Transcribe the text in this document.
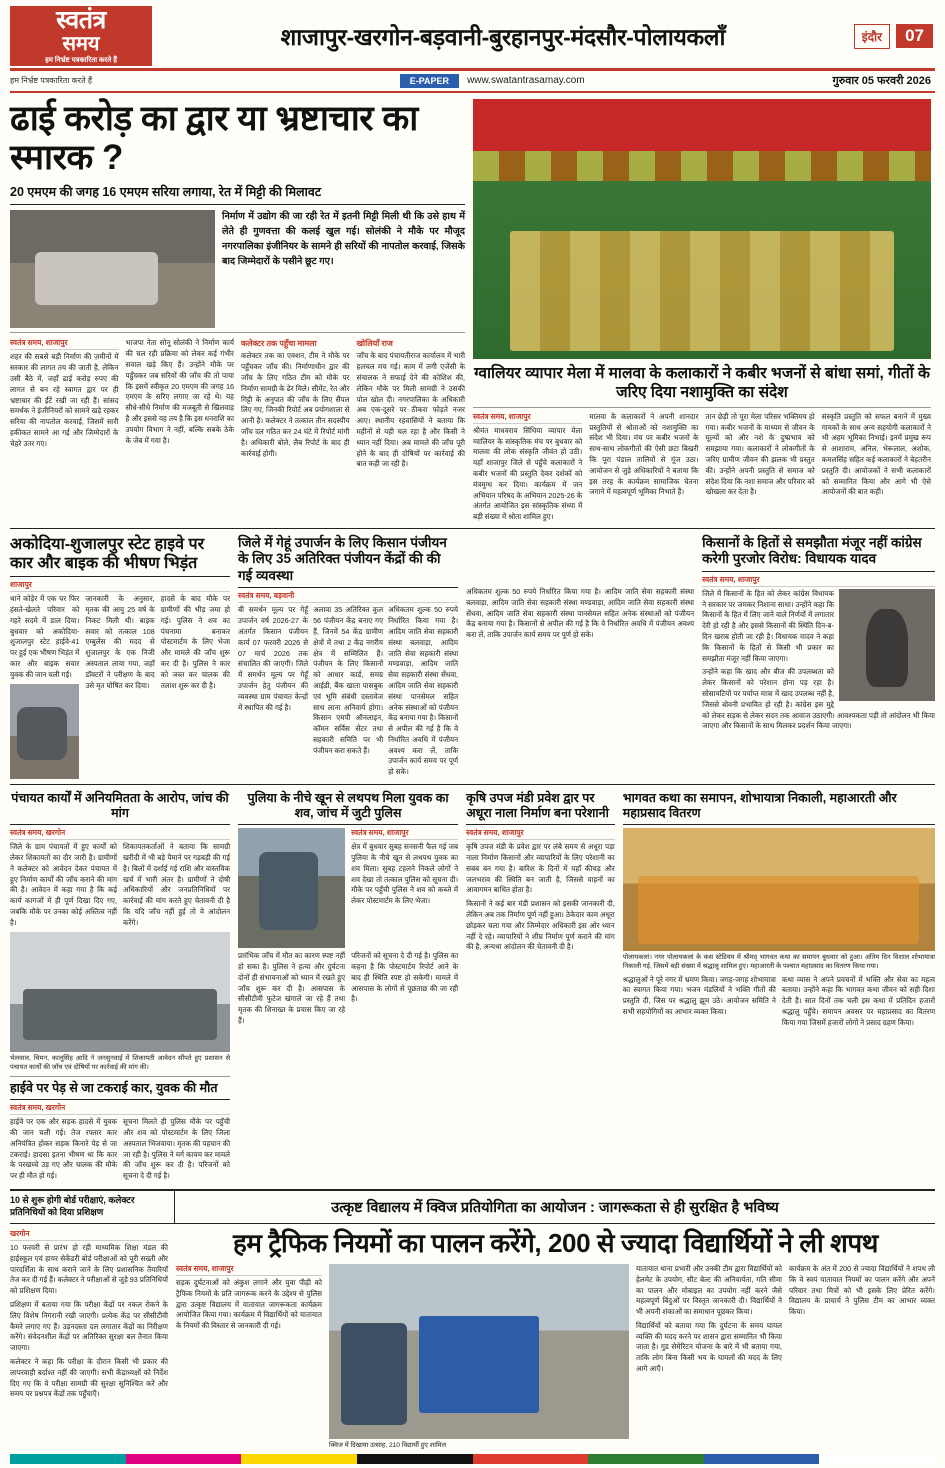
स्वतंत्र
समय
हम निर्भ्रष्ट पत्रकारिता करते हैं
शाजापुर-खरगोन-बड़वानी-बुरहानपुर-मंदसौर-पोलायकलाँ	इंदौर	07
हम निर्भ्रष्ट पत्रकारिता करते हैं	E-PAPER	www.swatantrasamay.com	गुरुवार 05 फरवरी 2026
ढाई करोड़ का द्वार या भ्रष्टाचार का स्मारक ?
20 एमएम की जगह 16 एमएम सरिया लगाया, रेत में मिट्टी की मिलावट
निर्माण में उद्योग की जा रही रेत में इतनी मिट्टी मिली थी कि उसे हाथ में लेते ही गुणवत्ता की कलई खुल गई। सोलंकी ने मौके पर मौजूद नगरपालिका इंजीनियर के सामने ही सरियों की नापतोल करवाई, जिसके बाद जिम्मेदारों के पसीने छूट गए।
स्वतंत्र समय, शाजापुर
शहर की सबसे बड़ी निर्माण की ज़मीनों में सरकार की लागत तय की जाती है, लेकिन उसी बैठे में, जहाँ ढाई करोड़ रुपए की लागत से बन रहे स्वागत द्वार पर ही भ्रष्टाचार की ईंटें रखी जा रही हैं। सांसद समर्थक ने इंजीनियरों को सामने खड़े रहकर सरिया की नापतोल करवाई, जिसमें सारी हकीकत सामने आ गई और जिम्मेदारों के चेहरे उतर गए।
भाजपा नेता सोनू सोलंकी ने निर्माण कार्य की चल रही प्रक्रिया को लेकर कई गंभीर सवाल खड़े किए हैं। उन्होंने मौके पर पहुँचकर जब सरियों की जाँच की तो पाया कि इसमें स्वीकृत 20 एमएम की जगह 16 एमएम के सरिए लगाए जा रहे थे। यह सीधे-सीधे निर्माण की मजबूती से खिलवाड़ है और इससे यह तय है कि इस धनराशि का उपयोग विभाग ने नहीं, बल्कि सबके ठेके के जेब में गया है।
कलेक्टर तक पहुँचा मामला
कलेक्टर तक का एक्शन, टीम ने मौके पर पहुँचकर जाँच की। निर्माणाधीन द्वार की जाँच के लिए गठित टीम को मौके पर निर्माण सामग्री के ढेर मिले। सीमेंट, रेत और गिट्टी के अनुपात की जाँच के लिए सैंपल लिए गए, जिनकी रिपोर्ट अब प्रयोगशाला से आनी है। कलेक्टर ने तत्काल तीन सदस्यीय जाँच दल गठित कर 24 घंटे में रिपोर्ट मांगी है। अधिकारी बोले, लैब रिपोर्ट के बाद ही कार्रवाई होगी।
खोलियाँ राज
जाँच के बाद पंचायतीराज कार्यालय में भारी हलचल मच गई। काम में लगी एजेंसी के संचालक ने सफाई देने की कोशिश की, लेकिन मौके पर मिली सामग्री ने उसकी पोल खोल दी। नगरपालिका के अधिकारी अब एक-दूसरे पर ठीकरा फोड़ते नजर आए। स्थानीय रहवासियों ने बताया कि महीनों से यही चल रहा है और किसी ने ध्यान नहीं दिया। अब मामले की जाँच पूरी होने के बाद ही दोषियों पर कार्रवाई की बात कही जा रही है।
ग्वालियर व्यापार मेला में मालवा के कलाकारों ने कबीर भजनों से बांधा समां, गीतों के जरिए दिया नशामुक्ति का संदेश
स्वतंत्र समय, शाजापुर
श्रीमंत माधवराव सिंधिया व्यापार मेला ग्वालियर के सांस्कृतिक मंच पर बुधवार को मालवा की लोक संस्कृति जीवंत हो उठी। यहाँ शाजापुर जिले से पहुँचे कलाकारों ने कबीर भजनों की प्रस्तुति देकर दर्शकों को मंत्रमुग्ध कर दिया। कार्यक्रम में जन अभियान परिषद के अभियान 2025-26 के अंतर्गत आयोजित इस सांस्कृतिक संध्या में बड़ी संख्या में श्रोता शामिल हुए।
मालवा के कलाकारों ने अपनी शानदार प्रस्तुतियों से श्रोताओं को नशामुक्ति का संदेश भी दिया। मंच पर कबीर भजनों के साथ-साथ लोकगीतों की ऐसी छटा बिखरी कि पूरा पंडाल तालियों से गूंज उठा। आयोजन से जुड़े अधिकारियों ने बताया कि इस तरह के कार्यक्रम सामाजिक चेतना जगाने में महत्वपूर्ण भूमिका निभाते हैं।
तान छेड़ी तो पूरा मेला परिसर भक्तिमय हो गया। कबीर भजनों के माध्यम से जीवन के मूल्यों को और नशे के दुष्प्रभाव को समझाया गया। कलाकारों ने लोकगीतों के जरिए ग्रामीण जीवन की झलक भी प्रस्तुत की। उन्होंने अपनी प्रस्तुति से समाज को संदेश दिया कि नशा समाज और परिवार को खोखला कर देता है।
संस्कृति प्रस्तुति को सफल बनाने में मुख्य गायकों के साथ अन्य सहयोगी कलाकारों ने भी अहम भूमिका निभाई। इनमें प्रमुख रूप से आशाराम, अनिल, भेरूलाल, अशोक, कमलसिंह सहित कई कलाकारों ने बेहतरीन प्रस्तुति दी। आयोजकों ने सभी कलाकारों को सम्मानित किया और आगे भी ऐसे आयोजनों की बात कही।
अकोदिया-शुजालपुर स्टेट हाइवे पर कार और बाइक की भीषण भिड़ंत
शाजापुर
थाने कोड़ेर में एक घर फिर हंसते-खेलते परिवार को गहरे सदमे में डाल दिया। बुधवार को अकोदिया-शुजालपुर स्टेट हाईवे-41 पर हुई एक भीषण भिड़ंत में कार और बाइक सवार युवक की जान चली गई।
जानकारी के अनुसार, मृतक की आयु 25 वर्ष के निकट मिली थी। बाइक सवार को तत्काल 108 एम्बुलेंस की मदद से शुजालपुर के एक निजी अस्पताल लाया गया, जहाँ डॉक्टरों ने परीक्षण के बाद उसे मृत घोषित कर दिया।
हादसे के बाद मौके पर ग्रामीणों की भीड़ जमा हो गई। पुलिस ने शव का पंचनामा बनाकर पोस्टमार्टम के लिए भेजा और मामले की जाँच शुरू कर दी है। पुलिस ने कार को जब्त कर चालक की तलाश शुरू कर दी है।
जिले में गेहूं उपार्जन के लिए किसान पंजीयन के लिए 35 अतिरिक्त पंजीयन केंद्रों की की गई व्यवस्था
स्वतंत्र समय, बड़वानी
बी समर्थन मूल्य पर गेहूँ उपार्जन वर्ष 2026-27 के अंतर्गत किसान पंजीयन कार्य 07 फरवरी 2026 से 07 मार्च 2026 तक संचालित की जाएगी। जिले में समर्थन मूल्य पर गेहूँ उपार्जन हेतु पंजीयन की व्यवस्था ग्राम पंचायत केन्द्रों में स्थापित की गई है।
अलावा 35 अतिरिक्त कुल 56 पंजीयन केंद्र बनाए गए हैं, जिनमें 54 केंद्र ग्रामीण क्षेत्रों में तथा 2 केंद्र नगरीय क्षेत्र में सम्मिलित हैं। पंजीयन के लिए किसानों को आधार कार्ड, समग्र आईडी, बैंक खाता पासबुक एवं भूमि संबंधी दस्तावेज साथ लाना अनिवार्य होगा। किसान एमपी ऑनलाइन, कॉमन सर्विस सेंटर तथा सहकारी समिति पर भी पंजीयन करा सकते हैं।
अधिकतम शुल्क 50 रुपये निर्धारित किया गया है। आदिम जाति सेवा सहकारी संस्था बलवाड़ा, आदिम जाति सेवा सहकारी संस्था मण्डवाड़ा, आदिम जाति सेवा सहकारी संस्था सेंधवा, आदिम जाति सेवा सहकारी संस्था पानसेमल सहित अनेक संस्थाओं को पंजीयन केंद्र बनाया गया है। किसानों से अपील की गई है कि वे निर्धारित अवधि में पंजीयन अवश्य करा लें, ताकि उपार्जन कार्य समय पर पूर्ण हो सके।
अधिकतम शुल्क 50 रुपये निर्धारित किया गया है। आदिम जाति सेवा सहकारी संस्था बलवाड़ा, आदिम जाति सेवा सहकारी संस्था मण्डवाड़ा, आदिम जाति सेवा सहकारी संस्था सेंधवा, आदिम जाति सेवा सहकारी संस्था पानसेमल सहित अनेक संस्थाओं को पंजीयन केंद्र बनाया गया है। किसानों से अपील की गई है कि वे निर्धारित अवधि में पंजीयन अवश्य करा लें, ताकि उपार्जन कार्य समय पर पूर्ण हो सके।
किसानों के हितों से समझौता मंजूर नहीं कांग्रेस करेगी पुरजोर विरोध: विधायक यादव
स्वतंत्र समय, शाजापुर
जिले में किसानों के हित को लेकर कांग्रेस विधायक ने सरकार पर जमकर निशाना साधा। उन्होंने कहा कि किसानों के हित में लिए जाने वाले निर्णयों में लगातार देरी हो रही है और इससे किसानों की स्थिति दिन-ब-दिन खराब होती जा रही है। विधायक यादव ने कहा कि किसानों के हितों से किसी भी प्रकार का समझौता मंजूर नहीं किया जाएगा।
उन्होंने कहा कि खाद और बीज की उपलब्धता को लेकर किसानों को परेशान होना पड़ रहा है। सोसायटियों पर पर्याप्त मात्रा में खाद उपलब्ध नहीं है, जिससे बोवनी प्रभावित हो रही है। कांग्रेस इस मुद्दे को लेकर सड़क से लेकर सदन तक आवाज उठाएगी। आवश्यकता पड़ी तो आंदोलन भी किया जाएगा और किसानों के साथ मिलकर प्रदर्शन किया जाएगा।
पंचायत कार्यों में अनियमितता के आरोप, जांच की मांग
स्वतंत्र समय, खरगोन
जिले के ग्राम पंचायतों में हुए कार्यों को लेकर शिकायतों का दौर जारी है। ग्रामीणों ने कलेक्टर को आवेदन देकर पंचायत में हुए निर्माण कार्यों की जाँच कराने की मांग की है। आवेदन में कहा गया है कि कई कार्य कागजों में ही पूर्ण दिखा दिए गए, जबकि मौके पर उनका कोई अस्तित्व नहीं है।
शिकायतकर्ताओं ने बताया कि सामग्री खरीदी में भी बड़े पैमाने पर गड़बड़ी की गई है। बिलों में दर्शाई गई राशि और वास्तविक खर्च में भारी अंतर है। ग्रामीणों ने दोषी अधिकारियों और जनप्रतिनिधियों पर कार्रवाई की मांग करते हुए चेतावनी दी है कि यदि जाँच नहीं हुई तो वे आंदोलन करेंगे।
भेलवाल, चिमन, कालूसिंह आदि ने जनसुनवाई में शिकायती आवेदन सौंपते हुए प्रशासन से पंचायत कार्यों की जाँच एवं दोषियों पर कार्रवाई की मांग की।
हाईवे पर पेड़ से जा टकराई कार, युवक की मौत
स्वतंत्र समय, खरगोन
हाईवे पर एक और सड़क हादसे में युवक की जान चली गई। तेज रफ्तार कार अनियंत्रित होकर सड़क किनारे पेड़ से जा टकराई। हादसा इतना भीषण था कि कार के परखच्चे उड़ गए और चालक की मौके पर ही मौत हो गई।
सूचना मिलते ही पुलिस मौके पर पहुँची और शव को पोस्टमार्टम के लिए जिला अस्पताल भिजवाया। मृतक की पहचान की जा रही है। पुलिस ने मर्ग कायम कर मामले की जाँच शुरू कर दी है। परिजनों को सूचना दे दी गई है।
पुलिया के नीचे खून से लथपथ मिला युवक का शव, जांच में जुटी पुलिस
स्वतंत्र समय, शाजापुर
क्षेत्र में बुधवार सुबह सनसनी फैल गई जब पुलिया के नीचे खून से लथपथ युवक का शव मिला। सुबह टहलने निकले लोगों ने शव देखा तो तत्काल पुलिस को सूचना दी। मौके पर पहुँची पुलिस ने शव को कब्जे में लेकर पोस्टमार्टम के लिए भेजा।
प्रारंभिक जाँच में मौत का कारण स्पष्ट नहीं हो सका है। पुलिस ने हत्या और दुर्घटना दोनों ही संभावनाओं को ध्यान में रखते हुए जाँच शुरू कर दी है। आसपास के सीसीटीवी फुटेज खंगाले जा रहे हैं तथा मृतक की शिनाख्त के प्रयास किए जा रहे हैं।
परिजनों को सूचना दे दी गई है। पुलिस का कहना है कि पोस्टमार्टम रिपोर्ट आने के बाद ही स्थिति स्पष्ट हो सकेगी। मामले में आसपास के लोगों से पूछताछ की जा रही है।
कृषि उपज मंडी प्रवेश द्वार पर अधूरा नाला निर्माण बना परेशानी
स्वतंत्र समय, शाजापुर
कृषि उपज मंडी के प्रवेश द्वार पर लंबे समय से अधूरा पड़ा नाला निर्माण किसानों और व्यापारियों के लिए परेशानी का सबब बन गया है। बारिश के दिनों में यहाँ कीचड़ और जलभराव की स्थिति बन जाती है, जिससे वाहनों का आवागमन बाधित होता है।
किसानों ने कई बार मंडी प्रशासन को इसकी जानकारी दी, लेकिन अब तक निर्माण पूर्ण नहीं हुआ। ठेकेदार काम अधूरा छोड़कर चला गया और जिम्मेदार अधिकारी इस ओर ध्यान नहीं दे रहे। व्यापारियों ने शीघ्र निर्माण पूर्ण कराने की मांग की है, अन्यथा आंदोलन की चेतावनी दी है।
भागवत कथा का समापन, शोभायात्रा निकाली, महाआरती और महाप्रसाद वितरण
पोलायकलां। नगर पोलायकलां के कस स्टेडियम में श्रीमद् भागवत कथा का समापन बुधवार को हुआ। अंतिम दिन विशाल शोभायात्रा निकाली गई, जिसमें बड़ी संख्या में श्रद्धालु शामिल हुए। महाआरती के पश्चात महाप्रसाद का वितरण किया गया।
श्रद्धालुओं ने पूरे नगर में भ्रमण किया। जगह-जगह शोभायात्रा का स्वागत किया गया। भजन मंडलियों ने भक्ति गीतों की प्रस्तुति दी, जिस पर श्रद्धालु झूम उठे। आयोजन समिति ने सभी सहयोगियों का आभार व्यक्त किया।
कथा व्यास ने अपने प्रवचनों में भक्ति और सेवा का महत्व बताया। उन्होंने कहा कि भागवत कथा जीवन को सही दिशा देती है। सात दिनों तक चली इस कथा में प्रतिदिन हजारों श्रद्धालु पहुँचे। समापन अवसर पर महाप्रसाद का वितरण किया गया जिसमें हजारों लोगों ने प्रसाद ग्रहण किया।
10 से शुरू होगी बोर्ड परीक्षाएं, कलेक्टर प्रतिनिधियों को दिया प्रशिक्षण	उत्कृष्ट विद्यालय में क्विज प्रतियोगिता का आयोजन : जागरूकता से ही सुरक्षित है भविष्य
खरगोन
10 फरवरी से प्रारंभ हो रही माध्यमिक शिक्षा मंडल की हाईस्कूल एवं हायर सेकेंडरी बोर्ड परीक्षाओं को पूरी सख्ती और पारदर्शिता के साथ कराने जाने के लिए प्रशासनिक तैयारियाँ तेज कर दी गई हैं। कलेक्टर ने परीक्षाओं से जुड़े 93 प्रतिनिधियों को प्रशिक्षण दिया।
प्रशिक्षण में बताया गया कि परीक्षा केंद्रों पर नकल रोकने के लिए विशेष निगरानी रखी जाएगी। प्रत्येक केंद्र पर सीसीटीवी कैमरे लगाए गए हैं। उड़नदस्ता दल लगातार केंद्रों का निरीक्षण करेंगे। संवेदनशील केंद्रों पर अतिरिक्त सुरक्षा बल तैनात किया जाएगा।
कलेक्टर ने कहा कि परीक्षा के दौरान किसी भी प्रकार की लापरवाही बर्दाश्त नहीं की जाएगी। सभी केंद्राध्यक्षों को निर्देश दिए गए कि वे परीक्षा सामग्री की सुरक्षा सुनिश्चित करें और समय पर प्रश्नपत्र केंद्रों तक पहुँचाएँ।
हम ट्रैफिक नियमों का पालन करेंगे, 200 से ज्यादा विद्यार्थियों ने ली शपथ
स्वतंत्र समय, शाजापुर
सड़क दुर्घटनाओं को अंकुश लगाने और युवा पीढ़ी को ट्रैफिक नियमों के प्रति जागरूक करने के उद्देश्य से पुलिस द्वारा उत्कृष्ट विद्यालय में यातायात जागरूकता कार्यक्रम आयोजित किया गया। कार्यक्रम में विद्यार्थियों को यातायात के नियमों की विस्तार से जानकारी दी गई।
क्विज में दिखाया उत्साह, 210 विद्यार्थी हुए शामिल
यातायात थाना प्रभारी और उनकी टीम द्वारा विद्यार्थियों को हेलमेट के उपयोग, सीट बेल्ट की अनिवार्यता, गति सीमा का पालन और मोबाइल का उपयोग नहीं करने जैसे महत्वपूर्ण बिंदुओं पर विस्तृत जानकारी दी। विद्यार्थियों ने भी अपनी शंकाओं का समाधान पूछकर किया।
विद्यार्थियों को बताया गया कि दुर्घटना के समय घायल व्यक्ति की मदद करने पर शासन द्वारा सम्मानित भी किया जाता है। गुड सेमेरिटन योजना के बारे में भी बताया गया, ताकि लोग बिना किसी भय के घायलों की मदद के लिए आगे आएँ।
कार्यक्रम के अंत में 200 से ज्यादा विद्यार्थियों ने शपथ ली कि वे स्वयं यातायात नियमों का पालन करेंगे और अपने परिवार तथा मित्रों को भी इसके लिए प्रेरित करेंगे। विद्यालय के प्राचार्य ने पुलिस टीम का आभार व्यक्त किया।
